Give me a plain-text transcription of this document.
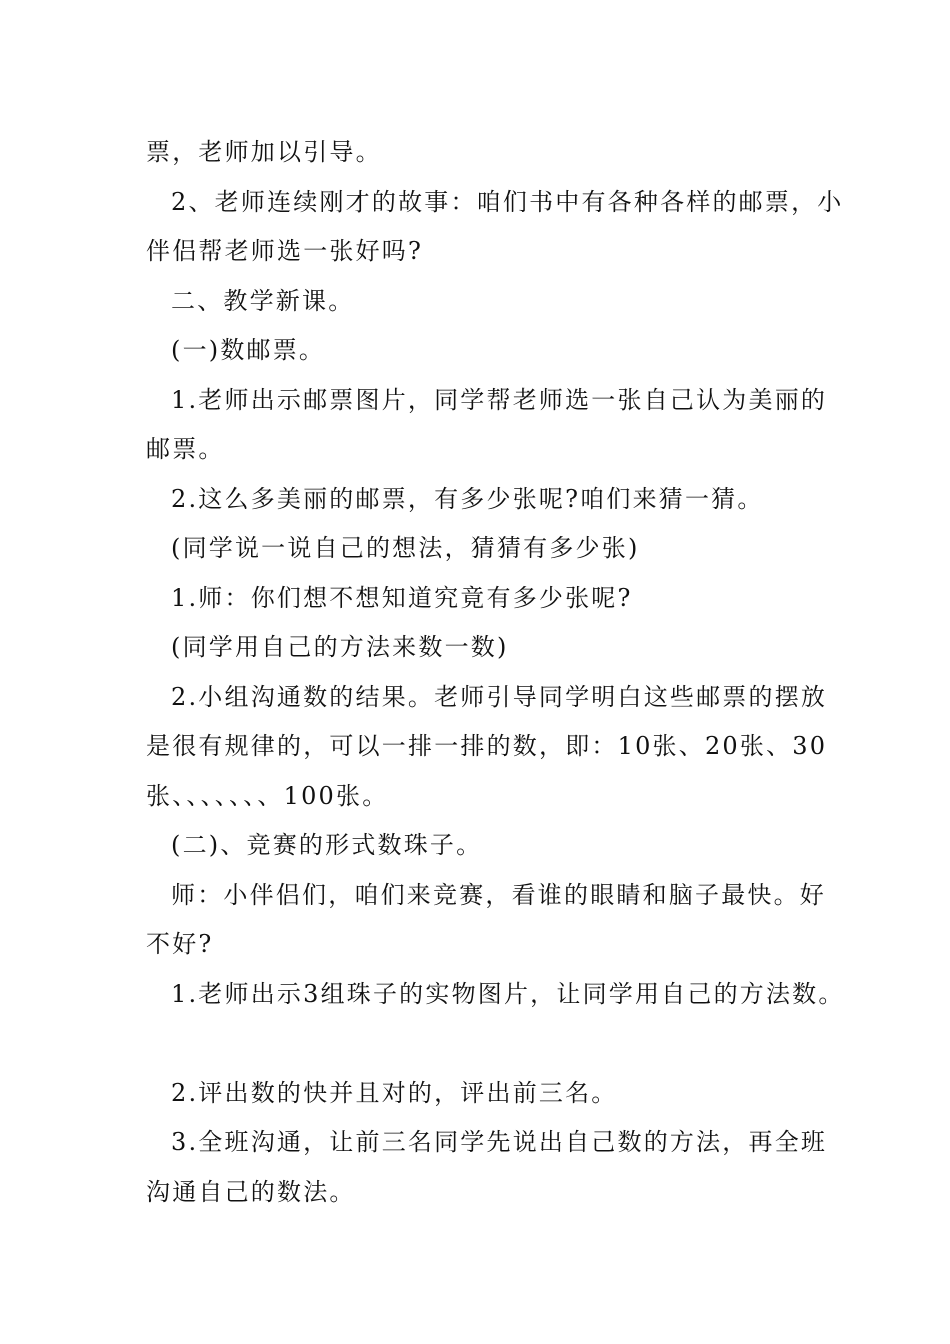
票，老师加以引导。

2、老师连续刚才的故事：咱们书中有各种各样的邮票，小伴侣帮老师选一张好吗?

二、教学新课。

(一)数邮票。

1.老师出示邮票图片，同学帮老师选一张自己认为美丽的邮票。

2.这么多美丽的邮票，有多少张呢?咱们来猜一猜。

(同学说一说自己的想法，猜猜有多少张)

1.师：你们想不想知道究竟有多少张呢?

(同学用自己的方法来数一数)

2.小组沟通数的结果。老师引导同学明白这些邮票的摆放是很有规律的，可以一排一排的数，即：10张、20张、30张、、、、、、、100张。

(二)、竞赛的形式数珠子。

师：小伴侣们，咱们来竞赛，看谁的眼睛和脑子最快。好不好?

1.老师出示3组珠子的实物图片，让同学用自己的方法数。

2.评出数的快并且对的，评出前三名。

3.全班沟通，让前三名同学先说出自己数的方法，再全班沟通自己的数法。
